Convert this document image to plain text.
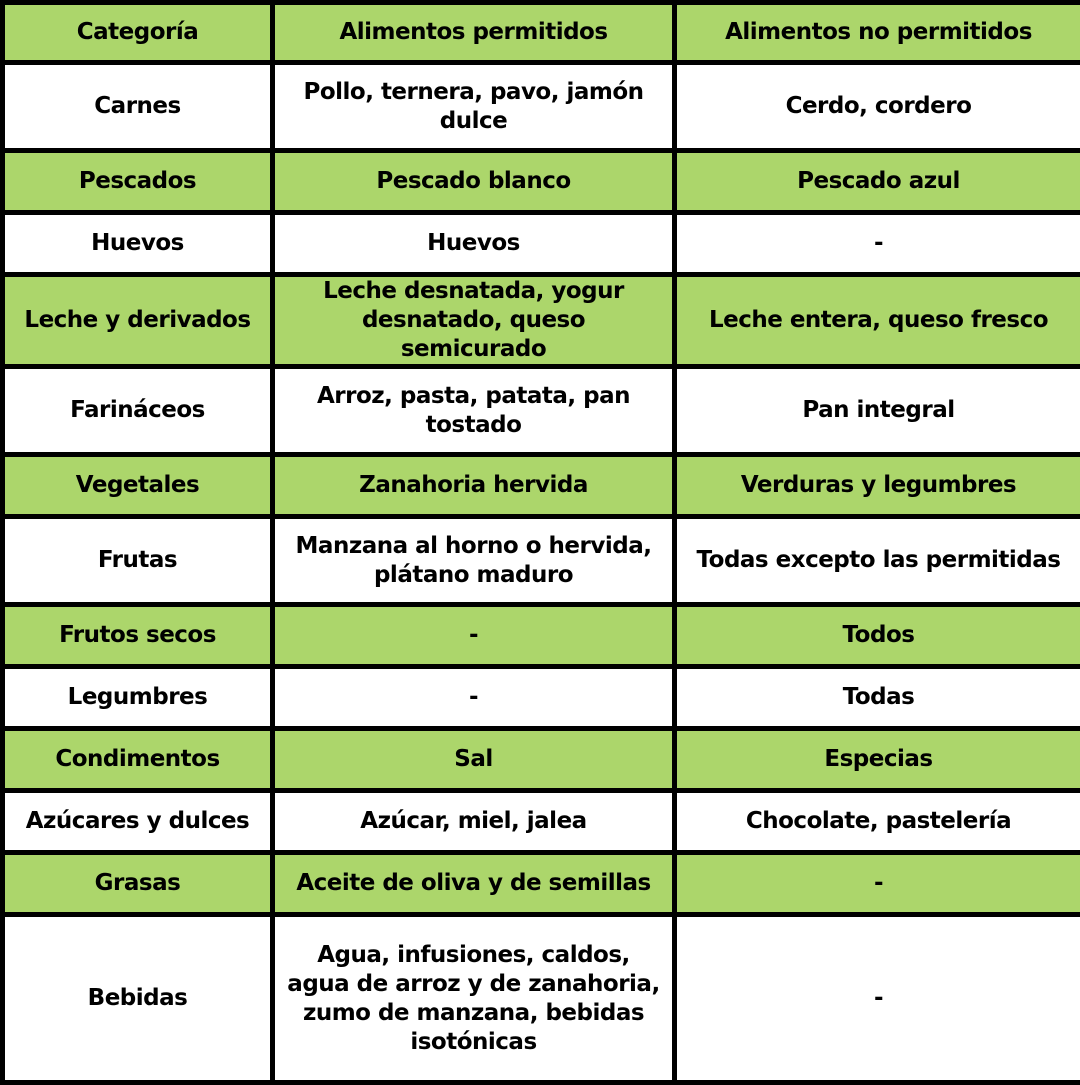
Categoría	Alimentos permitidos	Alimentos no permitidos
Carnes	Pollo, ternera, pavo, jamón dulce	Cerdo, cordero
Pescados	Pescado blanco	Pescado azul
Huevos	Huevos	-
Leche y derivados	Leche desnatada, yogur desnatado, queso semicurado	Leche entera, queso fresco
Farináceos	Arroz, pasta, patata, pan tostado	Pan integral
Vegetales	Zanahoria hervida	Verduras y legumbres
Frutas	Manzana al horno o hervida, plátano maduro	Todas excepto las permitidas
Frutos secos	-	Todos
Legumbres	-	Todas
Condimentos	Sal	Especias
Azúcares y dulces	Azúcar, miel, jalea	Chocolate, pastelería
Grasas	Aceite de oliva y de semillas	-
Bebidas	Agua, infusiones, caldos, agua de arroz y de zanahoria, zumo de manzana, bebidas isotónicas	-
